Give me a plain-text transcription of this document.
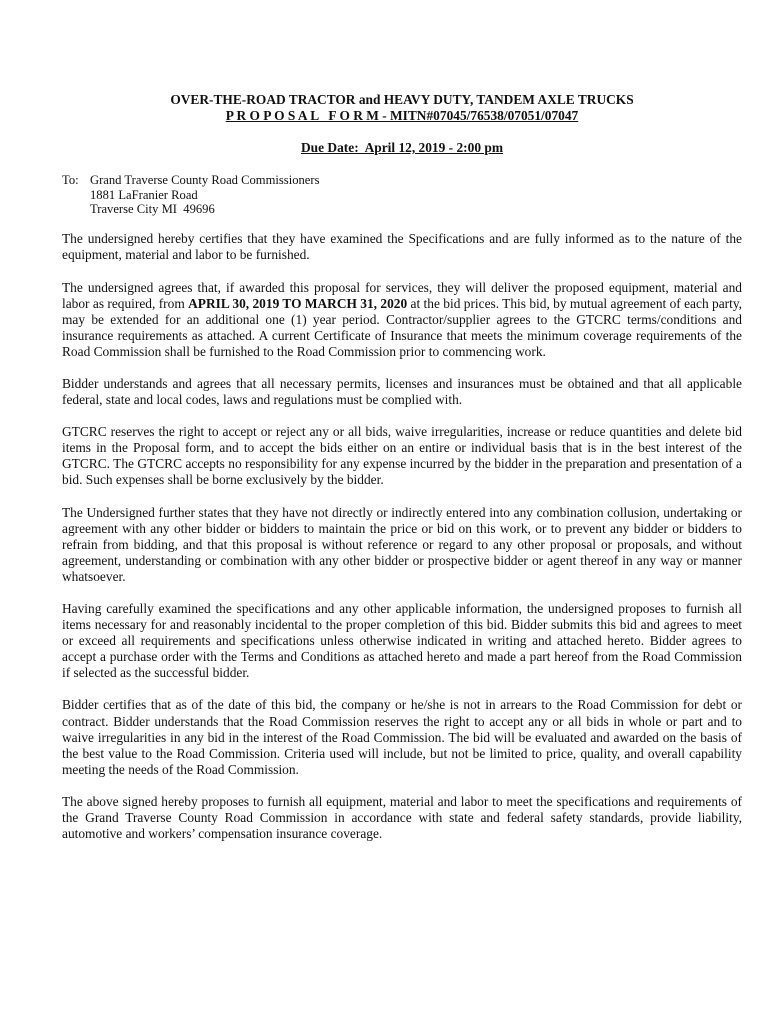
OVER-THE-ROAD TRACTOR and HEAVY DUTY, TANDEM AXLE TRUCKS
P R O P O S A L   F O R M - MITN#07045/76538/07051/07047
Due Date:  April 12, 2019 - 2:00 pm
To: Grand Traverse County Road Commissioners
1881 LaFranier Road
Traverse City MI  49696

The undersigned hereby certifies that they have examined the Specifications and are fully informed as to the nature of the equipment, material and labor to be furnished.

The undersigned agrees that, if awarded this proposal for services, they will deliver the proposed equipment, material and labor as required, from APRIL 30, 2019 TO MARCH 31, 2020 at the bid prices. This bid, by mutual agreement of each party, may be extended for an additional one (1) year period. Contractor/supplier agrees to the GTCRC terms/conditions and insurance requirements as attached. A current Certificate of Insurance that meets the minimum coverage requirements of the Road Commission shall be furnished to the Road Commission prior to commencing work.

Bidder understands and agrees that all necessary permits, licenses and insurances must be obtained and that all applicable federal, state and local codes, laws and regulations must be complied with.

GTCRC reserves the right to accept or reject any or all bids, waive irregularities, increase or reduce quantities and delete bid items in the Proposal form, and to accept the bids either on an entire or individual basis that is in the best interest of the GTCRC. The GTCRC accepts no responsibility for any expense incurred by the bidder in the preparation and presentation of a bid. Such expenses shall be borne exclusively by the bidder.

The Undersigned further states that they have not directly or indirectly entered into any combination collusion, undertaking or agreement with any other bidder or bidders to maintain the price or bid on this work, or to prevent any bidder or bidders to refrain from bidding, and that this proposal is without reference or regard to any other proposal or proposals, and without agreement, understanding or combination with any other bidder or prospective bidder or agent thereof in any way or manner whatsoever.

Having carefully examined the specifications and any other applicable information, the undersigned proposes to furnish all items necessary for and reasonably incidental to the proper completion of this bid. Bidder submits this bid and agrees to meet or exceed all requirements and specifications unless otherwise indicated in writing and attached hereto. Bidder agrees to accept a purchase order with the Terms and Conditions as attached hereto and made a part hereof from the Road Commission if selected as the successful bidder.

Bidder certifies that as of the date of this bid, the company or he/she is not in arrears to the Road Commission for debt or contract. Bidder understands that the Road Commission reserves the right to accept any or all bids in whole or part and to waive irregularities in any bid in the interest of the Road Commission. The bid will be evaluated and awarded on the basis of the best value to the Road Commission. Criteria used will include, but not be limited to price, quality, and overall capability meeting the needs of the Road Commission.

The above signed hereby proposes to furnish all equipment, material and labor to meet the specifications and requirements of the Grand Traverse County Road Commission in accordance with state and federal safety standards, provide liability, automotive and workers’ compensation insurance coverage.
